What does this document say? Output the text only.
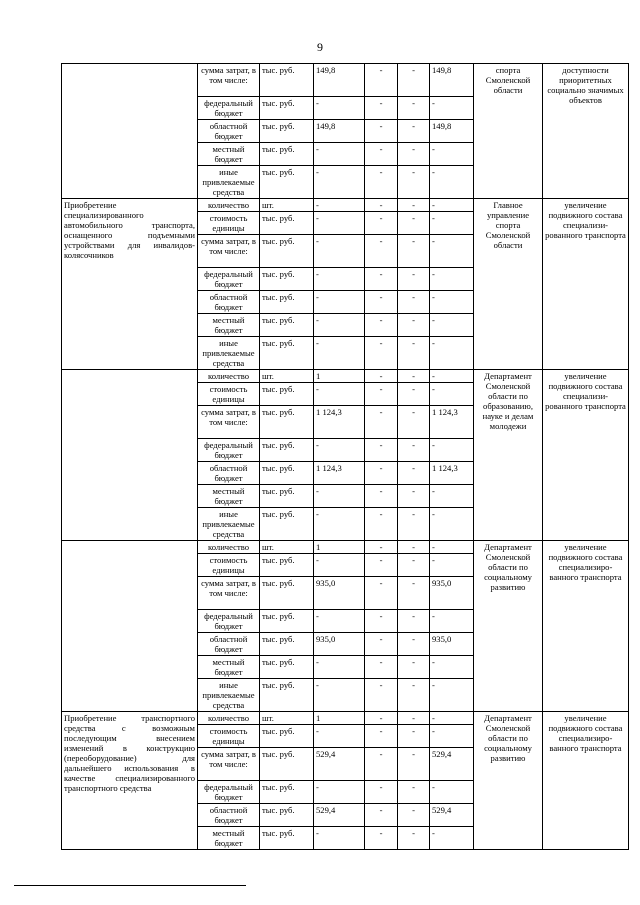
9
	сумма затрат, в том числе:	тыс. руб.	149,8	-	-	149,8	спорта Смоленской области	доступности приоритетных социально значимых объектов
	федеральный бюджет	тыс. руб.	-	-	-	-		
	областной бюджет	тыс. руб.	149,8	-	-	149,8		
	местный бюджет	тыс. руб.	-	-	-	-		
	иные привлекаемые средства	тыс. руб.	-	-	-	-		
Приобретение специализированного автомобильного транспорта, оснащенного подъемными устройствами для инвалидов-колясочников	количество	шт.	-	-	-	-	Главное управление спорта Смоленской области	увеличение подвижного состава специализи-рованного транспорта
	стоимость единицы	тыс. руб.	-	-	-	-		
	сумма затрат, в том числе:	тыс. руб.	-	-	-	-		
	федеральный бюджет	тыс. руб.	-	-	-	-		
	областной бюджет	тыс. руб.	-	-	-	-		
	местный бюджет	тыс. руб.	-	-	-	-		
	иные привлекаемые средства	тыс. руб.	-	-	-	-		
	количество	шт.	1	-	-	-	Департамент Смоленской области по образованию, науке и делам молодежи	увеличение подвижного состава специализи-рованного транспорта
	стоимость единицы	тыс. руб.	-	-	-	-		
	сумма затрат, в том числе:	тыс. руб.	1 124,3	-	-	1 124,3		
	федеральный бюджет	тыс. руб.	-	-	-	-		
	областной бюджет	тыс. руб.	1 124,3	-	-	1 124,3		
	местный бюджет	тыс. руб.	-	-	-	-		
	иные привлекаемые средства	тыс. руб.	-	-	-	-		
	количество	шт.	1	-	-	-	Департамент Смоленской области по социальному развитию	увеличение подвижного состава специализиро-ванного транспорта
	стоимость единицы	тыс. руб.	-	-	-	-		
	сумма затрат, в том числе:	тыс. руб.	935,0	-	-	935,0		
	федеральный бюджет	тыс. руб.	-	-	-	-		
	областной бюджет	тыс. руб.	935,0	-	-	935,0		
	местный бюджет	тыс. руб.	-	-	-	-		
	иные привлекаемые средства	тыс. руб.	-	-	-	-		
Приобретение транспортного средства с возможным последующим внесением изменений в конструкцию (переоборудование) для дальнейшего использования в качестве специализированного транспортного средства	количество	шт.	1	-	-	-	Департамент Смоленской области по социальному развитию	увеличение подвижного состава специализиро-ванного транспорта
	стоимость единицы	тыс. руб.	-	-	-	-		
	сумма затрат, в том числе:	тыс. руб.	529,4	-	-	529,4		
	федеральный бюджет	тыс. руб.	-	-	-	-		
	областной бюджет	тыс. руб.	529,4	-	-	529,4		
	местный бюджет	тыс. руб.	-	-	-	-		
